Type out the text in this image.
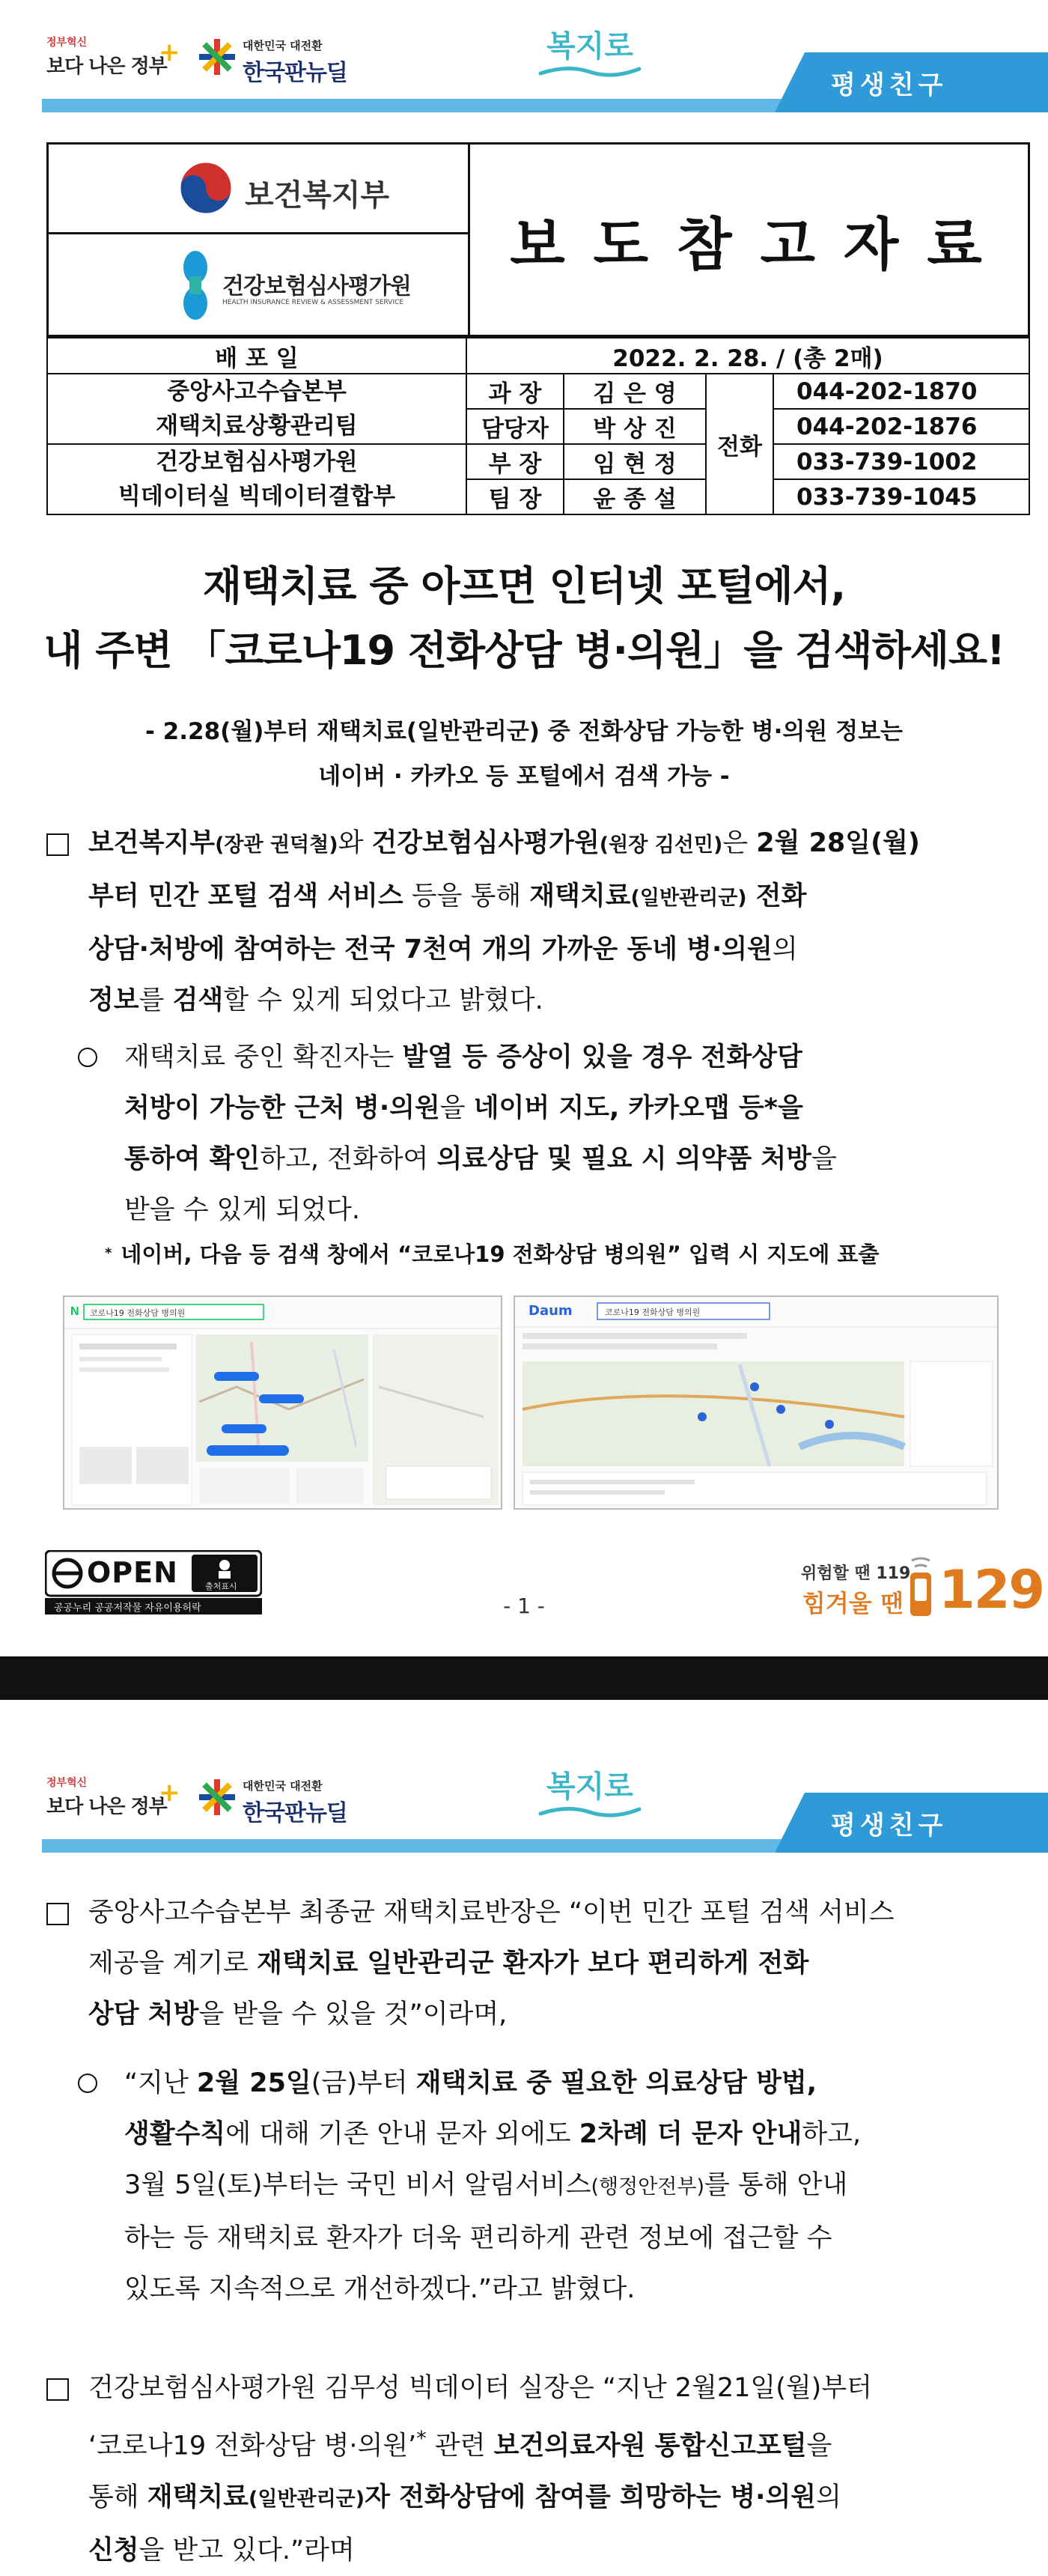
정부혁신
보다 나은 정부
+	대한민국 대전환
한국판뉴딜
복지로
평생친구
보건복지부
건강보험심사평가원
HEALTH INSURANCE REVIEW & ASSESSMENT SERVICE
보도참고자료
배 포 일	2022. 2. 28. / (총 2매)			
중앙사고수습본부
재택치료상황관리팀	과 장	김 은 영	전화	044-202-1870
	담당자	박 상 진		044-202-1876
건강보험심사평가원
빅데이터실 빅데이터결합부	부 장	임 현 정		033-739-1002
	팀 장	윤 종 설		033-739-1045
재택치료 중 아프면 인터넷 포털에서,
내 주변 「코로나19 전화상담 병·의원」을 검색하세요!
- 2.28(월)부터 재택치료(일반관리군) 중 전화상담 가능한 병·의원 정보는
네이버 · 카카오 등 포털에서 검색 가능 -
보건복지부(장관 권덕철)와 건강보험심사평가원(원장 김선민)은 2월 28일(월)
부터 민간 포털 검색 서비스 등을 통해 재택치료(일반관리군) 전화
상담·처방에 참여하는 전국 7천여 개의 가까운 동네 병·의원의
정보를 검색할 수 있게 되었다고 밝혔다.
재택치료 중인 확진자는 발열 등 증상이 있을 경우 전화상담
처방이 가능한 근처 병·의원을 네이버 지도, 카카오맵 등*을
통하여 확인하고, 전화하여 의료상담 및 필요 시 의약품 처방을
받을 수 있게 되었다.
* 네이버, 다음 등 검색 창에서 “코로나19 전화상담 병의원” 입력 시 지도에 표출
N 코로나19 전화상담 병의원	Daum	코로나19 전화상담 병의원
OPEN	출처표시
공공누리 공공저작물 자유이용허락	- 1 -
위험할 땐 119
힘겨울 땐 129
정부혁신
보다 나은 정부
+	대한민국 대전환
한국판뉴딜
복지로
평생친구
중앙사고수습본부 최종균 재택치료반장은 “이번 민간 포털 검색 서비스
제공을 계기로 재택치료 일반관리군 환자가 보다 편리하게 전화
상담 처방을 받을 수 있을 것”이라며,
“지난 2월 25일(금)부터 재택치료 중 필요한 의료상담 방법,
생활수칙에 대해 기존 안내 문자 외에도 2차례 더 문자 안내하고,
3월 5일(토)부터는 국민 비서 알림서비스(행정안전부)를 통해 안내
하는 등 재택치료 환자가 더욱 편리하게 관련 정보에 접근할 수
있도록 지속적으로 개선하겠다.”라고 밝혔다.
건강보험심사평가원 김무성 빅데이터 실장은 “지난 2월21일(월)부터
‘코로나19 전화상담 병·의원’* 관련 보건의료자원 통합신고포털을
통해 재택치료(일반관리군)자 전화상담에 참여를 희망하는 병·의원의
신청을 받고 있다.”라며
